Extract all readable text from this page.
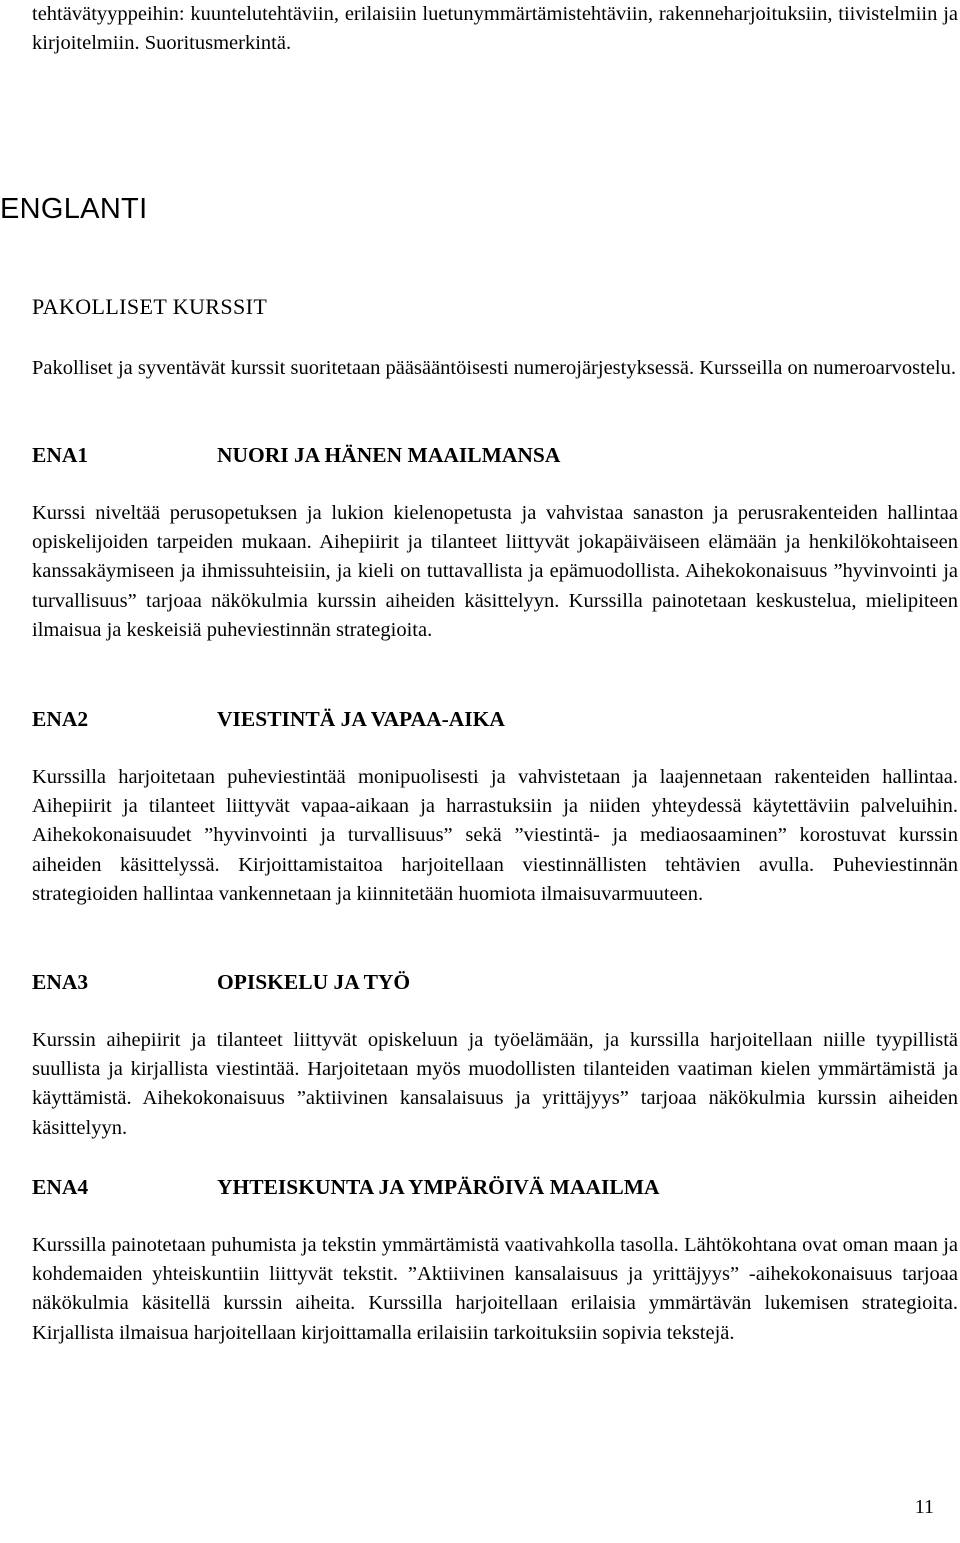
tehtävätyyppeihin: kuuntelutehtäviin, erilaisiin luetunymmärtämistehtäviin, rakenneharjoituksiin, tiivistelmiin ja kirjoitelmiin. Suoritusmerkintä.

ENGLANTI
PAKOLLISET KURSSIT

Pakolliset ja syventävät kurssit suoritetaan pääsääntöisesti numerojärjestyksessä. Kursseilla on numeroarvostelu.

ENA1	NUORI JA HÄNEN MAAILMANSA

Kurssi niveltää perusopetuksen ja lukion kielenopetusta ja vahvistaa sanaston ja perusrakenteiden hallintaa opiskelijoiden tarpeiden mukaan. Aihepiirit ja tilanteet liittyvät jokapäiväiseen elämään ja henkilökohtaiseen kanssakäymiseen ja ihmissuhteisiin, ja kieli on tuttavallista ja epämuodollista. Aihekokonaisuus ”hyvinvointi ja turvallisuus” tarjoaa näkökulmia kurssin aiheiden käsittelyyn. Kurssilla painotetaan keskustelua, mielipiteen ilmaisua ja keskeisiä puheviestinnän strategioita.

ENA2	VIESTINTÄ JA VAPAA-AIKA

Kurssilla harjoitetaan puheviestintää monipuolisesti ja vahvistetaan ja laajennetaan rakenteiden hallintaa. Aihepiirit ja tilanteet liittyvät vapaa-aikaan ja harrastuksiin ja niiden yhteydessä käytettäviin palveluihin. Aihekokonaisuudet ”hyvinvointi ja turvallisuus” sekä ”viestintä- ja mediaosaaminen” korostuvat kurssin aiheiden käsittelyssä. Kirjoittamistaitoa harjoitellaan viestinnällisten tehtävien avulla. Puheviestinnän strategioiden hallintaa vankennetaan ja kiinnitetään huomiota ilmaisuvarmuuteen.

ENA3	OPISKELU JA TYÖ

Kurssin aihepiirit ja tilanteet liittyvät opiskeluun ja työelämään, ja kurssilla harjoitellaan niille tyypillistä suullista ja kirjallista viestintää. Harjoitetaan myös muodollisten tilanteiden vaatiman kielen ymmärtämistä ja käyttämistä. Aihekokonaisuus ”aktiivinen kansalaisuus ja yrittäjyys” tarjoaa näkökulmia kurssin aiheiden käsittelyyn.

ENA4	YHTEISKUNTA JA YMPÄRÖIVÄ MAAILMA

Kurssilla painotetaan puhumista ja tekstin ymmärtämistä vaativahkolla tasolla. Lähtökohtana ovat oman maan ja kohdemaiden yhteiskuntiin liittyvät tekstit. ”Aktiivinen kansalaisuus ja yrittäjyys” -aihekokonaisuus tarjoaa näkökulmia käsitellä kurssin aiheita. Kurssilla harjoitellaan erilaisia ymmärtävän lukemisen strategioita. Kirjallista ilmaisua harjoitellaan kirjoittamalla erilaisiin tarkoituksiin sopivia tekstejä.

11
